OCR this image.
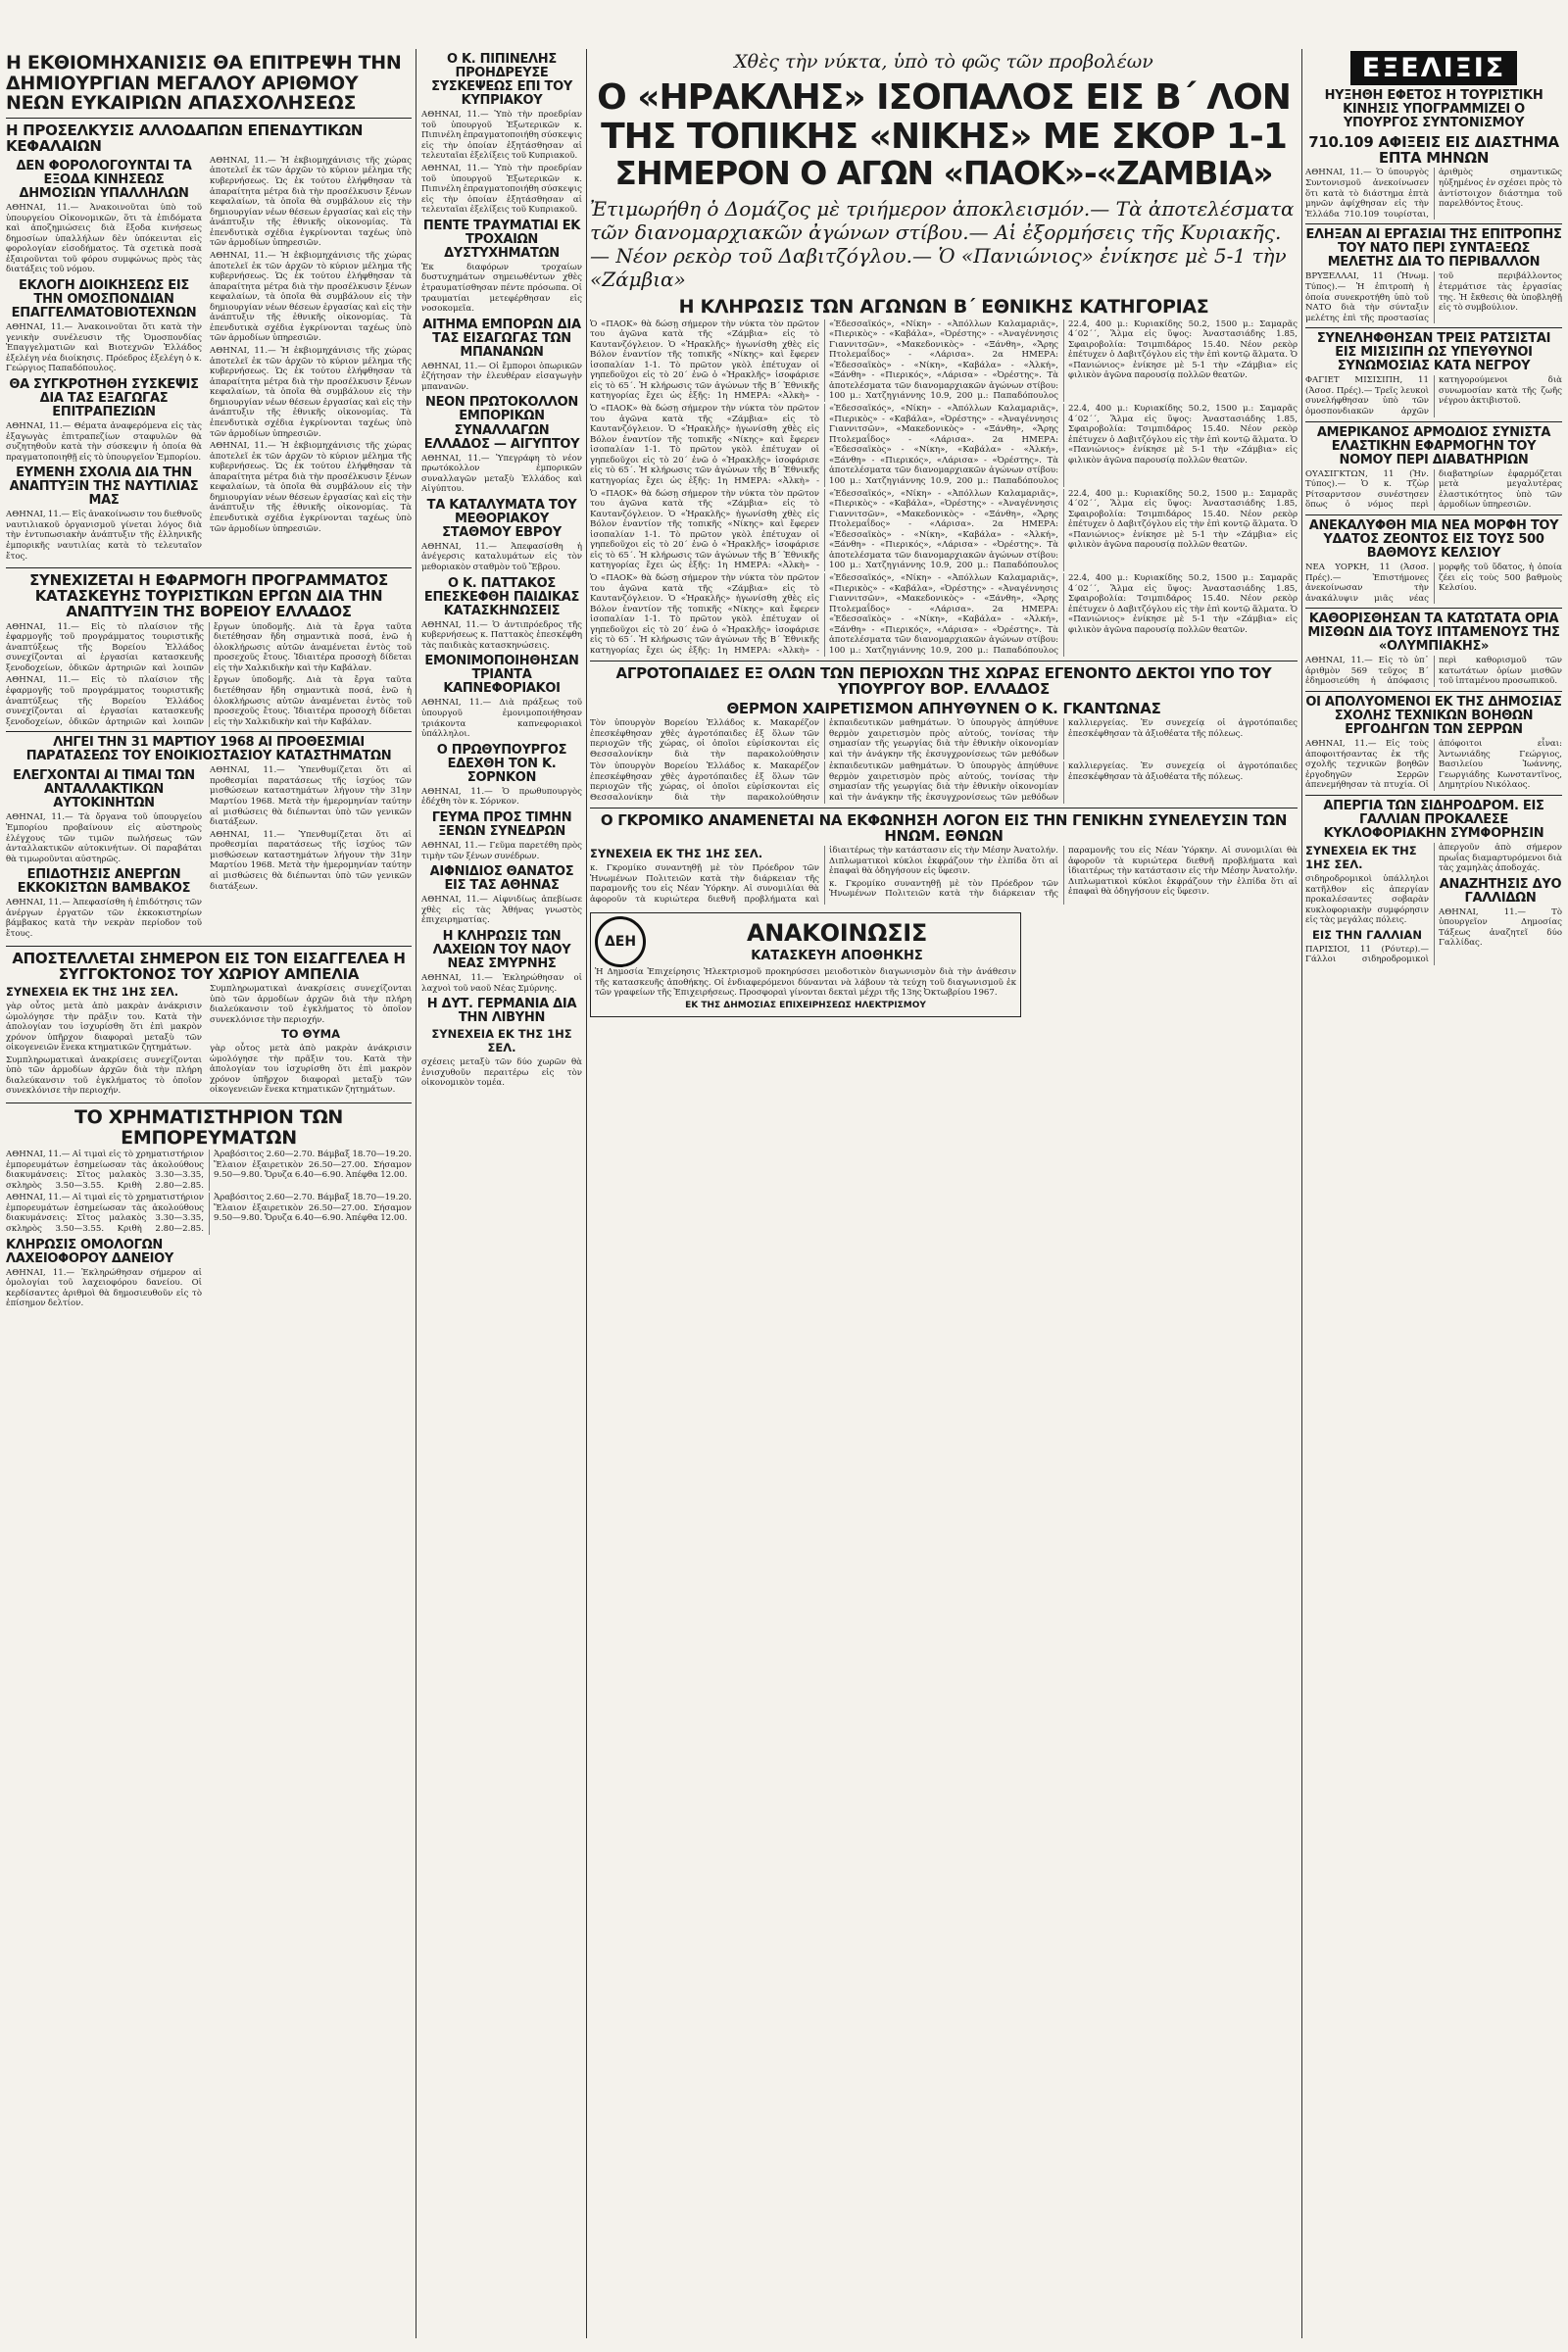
Η ΕΚΘΙΟΜΗΧΑΝΙΣΙΣ ΘΑ ΕΠΙΤΡΕΨΗ ΤΗΝ ΔΗΜΙΟΥΡΓΙΑΝ ΜΕΓΑΛΟΥ ΑΡΙΘΜΟΥ ΝΕΩΝ ΕΥΚΑΙΡΙΩΝ ΑΠΑΣΧΟΛΗΣΕΩΣ
Η ΠΡΟΣΕΛΚΥΣΙΣ ΑΛΛΟΔΑΠΩΝ ΕΠΕΝΔΥΤΙΚΩΝ ΚΕΦΑΛΑΙΩΝ
ΔΕΝ ΦΟΡΟΛΟΓΟΥΝΤΑΙ ΤΑ ΕΞΟΔΑ ΚΙΝΗΣΕΩΣ ΔΗΜΟΣΙΩΝ ΥΠΑΛΛΗΛΩΝ

ΑΘΗΝΑΙ, 11.— Ἀνακοινοῦται ὑπὸ τοῦ ὑπουργείου Οἰκονομικῶν, ὅτι τὰ ἐπιδόματα καὶ ἀποζημιώσεις διὰ ἔξοδα κινήσεως δημοσίων ὑπαλλήλων δὲν ὑπόκεινται εἰς φορολογίαν εἰσοδήματος. Τὰ σχετικὰ ποσὰ ἐξαιροῦνται τοῦ φόρου συμφώνως πρὸς τὰς διατάξεις τοῦ νόμου.

ΕΚΛΟΓΗ ΔΙΟΙΚΗΣΕΩΣ ΕΙΣ ΤΗΝ ΟΜΟΣΠΟΝΔΙΑΝ ΕΠΑΓΓΕΛΜΑΤΟΒΙΟΤΕΧΝΩΝ

ΑΘΗΝΑΙ, 11.— Ἀνακοινοῦται ὅτι κατὰ τὴν γενικὴν συνέλευσιν τῆς Ὁμοσπονδίας Ἐπαγγελματιῶν καὶ Βιοτεχνῶν Ἑλλάδος ἐξελέγη νέα διοίκησις. Πρόεδρος ἐξελέγη ὁ κ. Γεώργιος Παπαδόπουλος.

ΘΑ ΣΥΓΚΡΟΤΗΘΗ ΣΥΣΚΕΨΙΣ ΔΙΑ ΤΑΣ ΕΞΑΓΩΓΑΣ ΕΠΙΤΡΑΠΕΖΙΩΝ

ΑΘΗΝΑΙ, 11.— Θέματα ἀναφερόμενα εἰς τὰς ἐξαγωγὰς ἐπιτραπεζίων σταφυλῶν θὰ συζητηθοῦν κατὰ τὴν σύσκεψιν ἡ ὁποία θὰ πραγματοποιηθῇ εἰς τὸ ὑπουργεῖον Ἐμπορίου.

ΕΥΜΕΝΗ ΣΧΟΛΙΑ ΔΙΑ ΤΗΝ ΑΝΑΠΤΥΞΙΝ ΤΗΣ ΝΑΥΤΙΛΙΑΣ ΜΑΣ

ΑΘΗΝΑΙ, 11.— Εἰς ἀνακοίνωσιν του διεθνοῦς ναυτιλιακοῦ ὀργανισμοῦ γίνεται λόγος διὰ τὴν ἐντυπωσιακὴν ἀνάπτυξιν τῆς ἑλληνικῆς ἐμπορικῆς ναυτιλίας κατὰ τὸ τελευταῖον ἔτος.

ΑΘΗΝΑΙ, 11.— Ἡ ἐκβιομηχάνισις τῆς χώρας ἀποτελεῖ ἐκ τῶν ἀρχῶν τὸ κύριον μέλημα τῆς κυβερνήσεως. Ὡς ἐκ τούτου ἐλήφθησαν τὰ ἀπαραίτητα μέτρα διὰ τὴν προσέλκυσιν ξένων κεφαλαίων, τὰ ὁποῖα θὰ συμβάλουν εἰς τὴν δημιουργίαν νέων θέσεων ἐργασίας καὶ εἰς τὴν ἀνάπτυξιν τῆς ἐθνικῆς οἰκονομίας. Τὰ ἐπενδυτικὰ σχέδια ἐγκρίνονται ταχέως ὑπὸ τῶν ἁρμοδίων ὑπηρεσιῶν.

ΑΘΗΝΑΙ, 11.— Ἡ ἐκβιομηχάνισις τῆς χώρας ἀποτελεῖ ἐκ τῶν ἀρχῶν τὸ κύριον μέλημα τῆς κυβερνήσεως. Ὡς ἐκ τούτου ἐλήφθησαν τὰ ἀπαραίτητα μέτρα διὰ τὴν προσέλκυσιν ξένων κεφαλαίων, τὰ ὁποῖα θὰ συμβάλουν εἰς τὴν δημιουργίαν νέων θέσεων ἐργασίας καὶ εἰς τὴν ἀνάπτυξιν τῆς ἐθνικῆς οἰκονομίας. Τὰ ἐπενδυτικὰ σχέδια ἐγκρίνονται ταχέως ὑπὸ τῶν ἁρμοδίων ὑπηρεσιῶν.

ΑΘΗΝΑΙ, 11.— Ἡ ἐκβιομηχάνισις τῆς χώρας ἀποτελεῖ ἐκ τῶν ἀρχῶν τὸ κύριον μέλημα τῆς κυβερνήσεως. Ὡς ἐκ τούτου ἐλήφθησαν τὰ ἀπαραίτητα μέτρα διὰ τὴν προσέλκυσιν ξένων κεφαλαίων, τὰ ὁποῖα θὰ συμβάλουν εἰς τὴν δημιουργίαν νέων θέσεων ἐργασίας καὶ εἰς τὴν ἀνάπτυξιν τῆς ἐθνικῆς οἰκονομίας. Τὰ ἐπενδυτικὰ σχέδια ἐγκρίνονται ταχέως ὑπὸ τῶν ἁρμοδίων ὑπηρεσιῶν.

ΑΘΗΝΑΙ, 11.— Ἡ ἐκβιομηχάνισις τῆς χώρας ἀποτελεῖ ἐκ τῶν ἀρχῶν τὸ κύριον μέλημα τῆς κυβερνήσεως. Ὡς ἐκ τούτου ἐλήφθησαν τὰ ἀπαραίτητα μέτρα διὰ τὴν προσέλκυσιν ξένων κεφαλαίων, τὰ ὁποῖα θὰ συμβάλουν εἰς τὴν δημιουργίαν νέων θέσεων ἐργασίας καὶ εἰς τὴν ἀνάπτυξιν τῆς ἐθνικῆς οἰκονομίας. Τὰ ἐπενδυτικὰ σχέδια ἐγκρίνονται ταχέως ὑπὸ τῶν ἁρμοδίων ὑπηρεσιῶν.

ΣΥΝΕΧΙΖΕΤΑΙ Η ΕΦΑΡΜΟΓΗ ΠΡΟΓΡΑΜΜΑΤΟΣ ΚΑΤΑΣΚΕΥΗΣ ΤΟΥΡΙΣΤΙΚΩΝ ΕΡΓΩΝ ΔΙΑ ΤΗΝ ΑΝΑΠΤΥΞΙΝ ΤΗΣ ΒΟΡΕΙΟΥ ΕΛΛΑΔΟΣ

ΑΘΗΝΑΙ, 11.— Εἰς τὸ πλαίσιον τῆς ἐφαρμογῆς τοῦ προγράμματος τουριστικῆς ἀναπτύξεως τῆς Βορείου Ἑλλάδος συνεχίζονται αἱ ἐργασίαι κατασκευῆς ξενοδοχείων, ὁδικῶν ἀρτηριῶν καὶ λοιπῶν ἔργων ὑποδομῆς. Διὰ τὰ ἔργα ταῦτα διετέθησαν ἤδη σημαντικὰ ποσά, ἐνῶ ἡ ὁλοκλήρωσις αὐτῶν ἀναμένεται ἐντὸς τοῦ προσεχοῦς ἔτους. Ἰδιαιτέρα προσοχὴ δίδεται εἰς τὴν Χαλκιδικὴν καὶ τὴν Καβάλαν.

ΑΘΗΝΑΙ, 11.— Εἰς τὸ πλαίσιον τῆς ἐφαρμογῆς τοῦ προγράμματος τουριστικῆς ἀναπτύξεως τῆς Βορείου Ἑλλάδος συνεχίζονται αἱ ἐργασίαι κατασκευῆς ξενοδοχείων, ὁδικῶν ἀρτηριῶν καὶ λοιπῶν ἔργων ὑποδομῆς. Διὰ τὰ ἔργα ταῦτα διετέθησαν ἤδη σημαντικὰ ποσά, ἐνῶ ἡ ὁλοκλήρωσις αὐτῶν ἀναμένεται ἐντὸς τοῦ προσεχοῦς ἔτους. Ἰδιαιτέρα προσοχὴ δίδεται εἰς τὴν Χαλκιδικὴν καὶ τὴν Καβάλαν.

ΛΗΓΕΙ ΤΗΝ 31 ΜΑΡΤΙΟΥ 1968 ΑΙ ΠΡΟΘΕΣΜΙΑΙ ΠΑΡΑΤΑΣΕΩΣ ΤΟΥ ΕΝΟΙΚΙΟΣΤΑΣΙΟΥ ΚΑΤΑΣΤΗΜΑΤΩΝ
ΕΛΕΓΧΟΝΤΑΙ ΑΙ ΤΙΜΑΙ ΤΩΝ ΑΝΤΑΛΛΑΚΤΙΚΩΝ ΑΥΤΟΚΙΝΗΤΩΝ

ΑΘΗΝΑΙ, 11.— Τὰ ὄργανα τοῦ ὑπουργείου Ἐμπορίου προβαίνουν εἰς αὐστηροὺς ἐλέγχους τῶν τιμῶν πωλήσεως τῶν ἀνταλλακτικῶν αὐτοκινήτων. Οἱ παραβάται θὰ τιμωροῦνται αὐστηρῶς.

ΕΠΙΔΟΤΗΣΙΣ ΑΝΕΡΓΩΝ ΕΚΚΟΚΙΣΤΩΝ ΒΑΜΒΑΚΟΣ

ΑΘΗΝΑΙ, 11.— Ἀπεφασίσθη ἡ ἐπιδότησις τῶν ἀνέργων ἐργατῶν τῶν ἐκκοκιστηρίων βάμβακος κατὰ τὴν νεκρὰν περίοδον τοῦ ἔτους.

ΑΘΗΝΑΙ, 11.— Ὑπενθυμίζεται ὅτι αἱ προθεσμίαι παρατάσεως τῆς ἰσχύος τῶν μισθώσεων καταστημάτων λήγουν τὴν 31ην Μαρτίου 1968. Μετὰ τὴν ἡμερομηνίαν ταύτην αἱ μισθώσεις θὰ διέπωνται ὑπὸ τῶν γενικῶν διατάξεων.

ΑΘΗΝΑΙ, 11.— Ὑπενθυμίζεται ὅτι αἱ προθεσμίαι παρατάσεως τῆς ἰσχύος τῶν μισθώσεων καταστημάτων λήγουν τὴν 31ην Μαρτίου 1968. Μετὰ τὴν ἡμερομηνίαν ταύτην αἱ μισθώσεις θὰ διέπωνται ὑπὸ τῶν γενικῶν διατάξεων.

ΑΠΟΣΤΕΛΛΕΤΑΙ ΣΗΜΕΡΟΝ ΕΙΣ ΤΟΝ ΕΙΣΑΓΓΕΛΕΑ Η ΣΥΓΓΟΚΤΟΝΟΣ ΤΟΥ ΧΩΡΙΟΥ ΑΜΠΕΛΙΑ
ΣΥΝΕΧΕΙΑ ΕΚ ΤΗΣ 1ΗΣ ΣΕΛ.

γὰρ οὗτος μετὰ ἀπὸ μακρὰν ἀνάκρισιν ὡμολόγησε τὴν πρᾶξιν του. Κατὰ τὴν ἀπολογίαν του ἰσχυρίσθη ὅτι ἐπὶ μακρὸν χρόνον ὑπῆρχον διαφοραὶ μεταξὺ τῶν οἰκογενειῶν ἕνεκα κτηματικῶν ζητημάτων.

Συμπληρωματικαὶ ἀνακρίσεις συνεχίζονται ὑπὸ τῶν ἁρμοδίων ἀρχῶν διὰ τὴν πλήρη διαλεύκανσιν τοῦ ἐγκλήματος τὸ ὁποῖον συνεκλόνισε τὴν περιοχήν.

Συμπληρωματικαὶ ἀνακρίσεις συνεχίζονται ὑπὸ τῶν ἁρμοδίων ἀρχῶν διὰ τὴν πλήρη διαλεύκανσιν τοῦ ἐγκλήματος τὸ ὁποῖον συνεκλόνισε τὴν περιοχήν.

ΤΟ ΘΥΜΑ

γὰρ οὗτος μετὰ ἀπὸ μακρὰν ἀνάκρισιν ὡμολόγησε τὴν πρᾶξιν του. Κατὰ τὴν ἀπολογίαν του ἰσχυρίσθη ὅτι ἐπὶ μακρὸν χρόνον ὑπῆρχον διαφοραὶ μεταξὺ τῶν οἰκογενειῶν ἕνεκα κτηματικῶν ζητημάτων.

ΤΟ ΧΡΗΜΑΤΙΣΤΗΡΙΟΝ ΤΩΝ ΕΜΠΟΡΕΥΜΑΤΩΝ

ΑΘΗΝΑΙ, 11.— Αἱ τιμαὶ εἰς τὸ χρηματιστήριον ἐμπορευμάτων ἐσημείωσαν τὰς ἀκολούθους διακυμάνσεις: Σῖτος μαλακὸς 3.30—3.35, σκληρὸς 3.50—3.55. Κριθὴ 2.80—2.85. Ἀραβόσιτος 2.60—2.70. Βάμβαξ 18.70—19.20. Ἔλαιον ἐξαιρετικὸν 26.50—27.00. Σήσαμον 9.50—9.80. Ὄρυζα 6.40—6.90. Ἀπέφθα 12.00.

ΑΘΗΝΑΙ, 11.— Αἱ τιμαὶ εἰς τὸ χρηματιστήριον ἐμπορευμάτων ἐσημείωσαν τὰς ἀκολούθους διακυμάνσεις: Σῖτος μαλακὸς 3.30—3.35, σκληρὸς 3.50—3.55. Κριθὴ 2.80—2.85. Ἀραβόσιτος 2.60—2.70. Βάμβαξ 18.70—19.20. Ἔλαιον ἐξαιρετικὸν 26.50—27.00. Σήσαμον 9.50—9.80. Ὄρυζα 6.40—6.90. Ἀπέφθα 12.00.

ΚΛΗΡΩΣΙΣ ΟΜΟΛΟΓΩΝ ΛΑΧΕΙΟΦΟΡΟΥ ΔΑΝΕΙΟΥ

ΑΘΗΝΑΙ, 11.— Ἐκληρώθησαν σήμερον αἱ ὁμολογίαι τοῦ λαχειοφόρου δανείου. Οἱ κερδίσαντες ἀριθμοὶ θὰ δημοσιευθοῦν εἰς τὸ ἐπίσημον δελτίον.

Ο Κ. ΠΙΠΙΝΕΛΗΣ ΠΡΟΗΔΡΕΥΣΕ ΣΥΣΚΕΨΕΩΣ ΕΠΙ ΤΟΥ ΚΥΠΡΙΑΚΟΥ

ΑΘΗΝΑΙ, 11.— Ὑπὸ τὴν προεδρίαν τοῦ ὑπουργοῦ Ἐξωτερικῶν κ. Πιπινέλη ἐπραγματοποιήθη σύσκεψις εἰς τὴν ὁποίαν ἐξητάσθησαν αἱ τελευταῖαι ἐξελίξεις τοῦ Κυπριακοῦ.

ΑΘΗΝΑΙ, 11.— Ὑπὸ τὴν προεδρίαν τοῦ ὑπουργοῦ Ἐξωτερικῶν κ. Πιπινέλη ἐπραγματοποιήθη σύσκεψις εἰς τὴν ὁποίαν ἐξητάσθησαν αἱ τελευταῖαι ἐξελίξεις τοῦ Κυπριακοῦ.

ΠΕΝΤΕ ΤΡΑΥΜΑΤΙΑΙ ΕΚ ΤΡΟΧΑΙΩΝ ΔΥΣΤΥΧΗΜΑΤΩΝ

Ἐκ διαφόρων τροχαίων δυστυχημάτων σημειωθέντων χθὲς ἐτραυματίσθησαν πέντε πρόσωπα. Οἱ τραυματίαι μετεφέρθησαν εἰς νοσοκομεῖα.

ΑΙΤΗΜΑ ΕΜΠΟΡΩΝ ΔΙΑ ΤΑΣ ΕΙΣΑΓΩΓΑΣ ΤΩΝ ΜΠΑΝΑΝΩΝ

ΑΘΗΝΑΙ, 11.— Οἱ ἔμποροι ὀπωρικῶν ἐζήτησαν τὴν ἐλευθέραν εἰσαγωγὴν μπανανῶν.

ΝΕΟΝ ΠΡΩΤΟΚΟΛΛΟΝ ΕΜΠΟΡΙΚΩΝ ΣΥΝΑΛΛΑΓΩΝ ΕΛΛΑΔΟΣ — ΑΙΓΥΠΤΟΥ

ΑΘΗΝΑΙ, 11.— Ὑπεγράφη τὸ νέον πρωτόκολλον ἐμπορικῶν συναλλαγῶν μεταξὺ Ἑλλάδος καὶ Αἰγύπτου.

ΤΑ ΚΑΤΑΛΥΜΑΤΑ ΤΟΥ ΜΕΘΟΡΙΑΚΟΥ ΣΤΑΘΜΟΥ ΕΒΡΟΥ

ΑΘΗΝΑΙ, 11.— Ἀπεφασίσθη ἡ ἀνέγερσις καταλυμάτων εἰς τὸν μεθοριακὸν σταθμὸν τοῦ Ἕβρου.

Ο Κ. ΠΑΤΤΑΚΟΣ ΕΠΕΣΚΕΦΘΗ ΠΑΙΔΙΚΑΣ ΚΑΤΑΣΚΗΝΩΣΕΙΣ

ΑΘΗΝΑΙ, 11.— Ὁ ἀντιπρόεδρος τῆς κυβερνήσεως κ. Παττακὸς ἐπεσκέφθη τὰς παιδικὰς κατασκηνώσεις.

ΕΜΟΝΙΜΟΠΟΙΗΘΗΣΑΝ ΤΡΙΑΝΤΑ ΚΑΠΝΕΦΟΡΙΑΚΟΙ

ΑΘΗΝΑΙ, 11.— Διὰ πράξεως τοῦ ὑπουργοῦ ἐμονιμοποιήθησαν τριάκοντα καπνεφοριακοὶ ὑπάλληλοι.

Ο ΠΡΩΘΥΠΟΥΡΓΟΣ ΕΔΕΧΘΗ ΤΟΝ Κ. ΣΟΡΝΚΟΝ

ΑΘΗΝΑΙ, 11.— Ὁ πρωθυπουργὸς ἐδέχθη τὸν κ. Σόρνκον.

ΓΕΥΜΑ ΠΡΟΣ ΤΙΜΗΝ ΞΕΝΩΝ ΣΥΝΕΔΡΩΝ

ΑΘΗΝΑΙ, 11.— Γεῦμα παρετέθη πρὸς τιμὴν τῶν ξένων συνέδρων.

ΑΙΦΝΙΔΙΟΣ ΘΑΝΑΤΟΣ ΕΙΣ ΤΑΣ ΑΘΗΝΑΣ

ΑΘΗΝΑΙ, 11.— Αἰφνιδίως ἀπεβίωσε χθὲς εἰς τὰς Ἀθήνας γνωστὸς ἐπιχειρηματίας.

Η ΚΛΗΡΩΣΙΣ ΤΩΝ ΛΑΧΕΙΩΝ ΤΟΥ ΝΑΟΥ ΝΕΑΣ ΣΜΥΡΝΗΣ

ΑΘΗΝΑΙ, 11.— Ἐκληρώθησαν οἱ λαχνοὶ τοῦ ναοῦ Νέας Σμύρνης.

Η ΔΥΤ. ΓΕΡΜΑΝΙΑ ΔΙΑ ΤΗΝ ΛΙΒΥΗΝ
ΣΥΝΕΧΕΙΑ ΕΚ ΤΗΣ 1ΗΣ ΣΕΛ.

σχέσεις μεταξὺ τῶν δύο χωρῶν θὰ ἐνισχυθοῦν περαιτέρω εἰς τὸν οἰκονομικὸν τομέα.

Χθὲς τὴν νύκτα, ὑπὸ τὸ φῶς τῶν προβολέων
Ο «ΗΡΑΚΛΗΣ» ΙΣΟΠΑΛΟΣ ΕΙΣ Β΄ ΛΟΝ
ΤΗΣ ΤΟΠΙΚΗΣ «ΝΙΚΗΣ» ΜΕ ΣΚΟΡ 1-1
ΣΗΜΕΡΟΝ Ο ΑΓΩΝ «ΠΑΟΚ»-«ΖΑΜΒΙΑ»
Ἐτιμωρήθη ὁ Δομάζος μὲ τριήμερον ἀποκλεισμόν.— Τὰ ἀποτελέσματα τῶν διανομαρχιακῶν ἀγώνων στίβου.— Αἱ ἐξορμήσεις τῆς Κυριακῆς.— Νέον ρεκὸρ τοῦ Δαβιτζόγλου.— Ὁ «Πανιώνιος» ἐνίκησε μὲ 5-1 τὴν «Ζάμβια»
Η ΚΛΗΡΩΣΙΣ ΤΩΝ ΑΓΩΝΩΝ Β΄ ΕΘΝΙΚΗΣ ΚΑΤΗΓΟΡΙΑΣ

Ὁ «ΠΑΟΚ» θὰ δώσῃ σήμερον τὴν νύκτα τὸν πρῶτον του ἀγῶνα κατὰ τῆς «Ζάμβια» εἰς τὸ Καυτανζόγλειον. Ὁ «Ἡρακλῆς» ἠγωνίσθη χθὲς εἰς Βόλον ἐναντίον τῆς τοπικῆς «Νίκης» καὶ ἔφερεν ἰσοπαλίαν 1-1. Τὸ πρῶτον γκὸλ ἐπέτυχαν οἱ γηπεδοῦχοι εἰς τὸ 20΄ ἐνῶ ὁ «Ἡρακλῆς» ἰσοφάρισε εἰς τὸ 65΄. Ἡ κλήρωσις τῶν ἀγώνων τῆς Β΄ Ἐθνικῆς κατηγορίας ἔχει ὡς ἑξῆς: 1η ΗΜΕΡΑ: «Ἀλκὴ» - «Ἐδεσσαϊκός», «Νίκη» - «Ἀπόλλων Καλαμαριᾶς», «Πιερικὸς» - «Καβάλα», «Ὀρέστης» - «Ἀναγέννησις Γιαννιτσῶν», «Μακεδονικὸς» - «Ξάνθη», «Ἄρης Πτολεμαΐδος» - «Λάρισα». 2α ΗΜΕΡΑ: «Ἐδεσσαϊκὸς» - «Νίκη», «Καβάλα» - «Ἀλκή», «Ξάνθη» - «Πιερικός», «Λάρισα» - «Ὀρέστης». Τὰ ἀποτελέσματα τῶν διανομαρχιακῶν ἀγώνων στίβου: 100 μ.: Χατζηγιάννης 10.9, 200 μ.: Παπαδόπουλος 22.4, 400 μ.: Κυριακίδης 50.2, 1500 μ.: Σαμαρᾶς 4΄02΄΄, Ἅλμα εἰς ὕψος: Ἀναστασιάδης 1.85, Σφαιροβολία: Τσιμπιδάρος 15.40. Νέον ρεκὸρ ἐπέτυχεν ὁ Δαβιτζόγλου εἰς τὴν ἐπὶ κοντῷ ἅλματα. Ὁ «Πανιώνιος» ἐνίκησε μὲ 5-1 τὴν «Ζάμβια» εἰς φιλικὸν ἀγῶνα παρουσίᾳ πολλῶν θεατῶν.

Ὁ «ΠΑΟΚ» θὰ δώσῃ σήμερον τὴν νύκτα τὸν πρῶτον του ἀγῶνα κατὰ τῆς «Ζάμβια» εἰς τὸ Καυτανζόγλειον. Ὁ «Ἡρακλῆς» ἠγωνίσθη χθὲς εἰς Βόλον ἐναντίον τῆς τοπικῆς «Νίκης» καὶ ἔφερεν ἰσοπαλίαν 1-1. Τὸ πρῶτον γκὸλ ἐπέτυχαν οἱ γηπεδοῦχοι εἰς τὸ 20΄ ἐνῶ ὁ «Ἡρακλῆς» ἰσοφάρισε εἰς τὸ 65΄. Ἡ κλήρωσις τῶν ἀγώνων τῆς Β΄ Ἐθνικῆς κατηγορίας ἔχει ὡς ἑξῆς: 1η ΗΜΕΡΑ: «Ἀλκὴ» - «Ἐδεσσαϊκός», «Νίκη» - «Ἀπόλλων Καλαμαριᾶς», «Πιερικὸς» - «Καβάλα», «Ὀρέστης» - «Ἀναγέννησις Γιαννιτσῶν», «Μακεδονικὸς» - «Ξάνθη», «Ἄρης Πτολεμαΐδος» - «Λάρισα». 2α ΗΜΕΡΑ: «Ἐδεσσαϊκὸς» - «Νίκη», «Καβάλα» - «Ἀλκή», «Ξάνθη» - «Πιερικός», «Λάρισα» - «Ὀρέστης». Τὰ ἀποτελέσματα τῶν διανομαρχιακῶν ἀγώνων στίβου: 100 μ.: Χατζηγιάννης 10.9, 200 μ.: Παπαδόπουλος 22.4, 400 μ.: Κυριακίδης 50.2, 1500 μ.: Σαμαρᾶς 4΄02΄΄, Ἅλμα εἰς ὕψος: Ἀναστασιάδης 1.85, Σφαιροβολία: Τσιμπιδάρος 15.40. Νέον ρεκὸρ ἐπέτυχεν ὁ Δαβιτζόγλου εἰς τὴν ἐπὶ κοντῷ ἅλματα. Ὁ «Πανιώνιος» ἐνίκησε μὲ 5-1 τὴν «Ζάμβια» εἰς φιλικὸν ἀγῶνα παρουσίᾳ πολλῶν θεατῶν.

Ὁ «ΠΑΟΚ» θὰ δώσῃ σήμερον τὴν νύκτα τὸν πρῶτον του ἀγῶνα κατὰ τῆς «Ζάμβια» εἰς τὸ Καυτανζόγλειον. Ὁ «Ἡρακλῆς» ἠγωνίσθη χθὲς εἰς Βόλον ἐναντίον τῆς τοπικῆς «Νίκης» καὶ ἔφερεν ἰσοπαλίαν 1-1. Τὸ πρῶτον γκὸλ ἐπέτυχαν οἱ γηπεδοῦχοι εἰς τὸ 20΄ ἐνῶ ὁ «Ἡρακλῆς» ἰσοφάρισε εἰς τὸ 65΄. Ἡ κλήρωσις τῶν ἀγώνων τῆς Β΄ Ἐθνικῆς κατηγορίας ἔχει ὡς ἑξῆς: 1η ΗΜΕΡΑ: «Ἀλκὴ» - «Ἐδεσσαϊκός», «Νίκη» - «Ἀπόλλων Καλαμαριᾶς», «Πιερικὸς» - «Καβάλα», «Ὀρέστης» - «Ἀναγέννησις Γιαννιτσῶν», «Μακεδονικὸς» - «Ξάνθη», «Ἄρης Πτολεμαΐδος» - «Λάρισα». 2α ΗΜΕΡΑ: «Ἐδεσσαϊκὸς» - «Νίκη», «Καβάλα» - «Ἀλκή», «Ξάνθη» - «Πιερικός», «Λάρισα» - «Ὀρέστης». Τὰ ἀποτελέσματα τῶν διανομαρχιακῶν ἀγώνων στίβου: 100 μ.: Χατζηγιάννης 10.9, 200 μ.: Παπαδόπουλος 22.4, 400 μ.: Κυριακίδης 50.2, 1500 μ.: Σαμαρᾶς 4΄02΄΄, Ἅλμα εἰς ὕψος: Ἀναστασιάδης 1.85, Σφαιροβολία: Τσιμπιδάρος 15.40. Νέον ρεκὸρ ἐπέτυχεν ὁ Δαβιτζόγλου εἰς τὴν ἐπὶ κοντῷ ἅλματα. Ὁ «Πανιώνιος» ἐνίκησε μὲ 5-1 τὴν «Ζάμβια» εἰς φιλικὸν ἀγῶνα παρουσίᾳ πολλῶν θεατῶν.

Ὁ «ΠΑΟΚ» θὰ δώσῃ σήμερον τὴν νύκτα τὸν πρῶτον του ἀγῶνα κατὰ τῆς «Ζάμβια» εἰς τὸ Καυτανζόγλειον. Ὁ «Ἡρακλῆς» ἠγωνίσθη χθὲς εἰς Βόλον ἐναντίον τῆς τοπικῆς «Νίκης» καὶ ἔφερεν ἰσοπαλίαν 1-1. Τὸ πρῶτον γκὸλ ἐπέτυχαν οἱ γηπεδοῦχοι εἰς τὸ 20΄ ἐνῶ ὁ «Ἡρακλῆς» ἰσοφάρισε εἰς τὸ 65΄. Ἡ κλήρωσις τῶν ἀγώνων τῆς Β΄ Ἐθνικῆς κατηγορίας ἔχει ὡς ἑξῆς: 1η ΗΜΕΡΑ: «Ἀλκὴ» - «Ἐδεσσαϊκός», «Νίκη» - «Ἀπόλλων Καλαμαριᾶς», «Πιερικὸς» - «Καβάλα», «Ὀρέστης» - «Ἀναγέννησις Γιαννιτσῶν», «Μακεδονικὸς» - «Ξάνθη», «Ἄρης Πτολεμαΐδος» - «Λάρισα». 2α ΗΜΕΡΑ: «Ἐδεσσαϊκὸς» - «Νίκη», «Καβάλα» - «Ἀλκή», «Ξάνθη» - «Πιερικός», «Λάρισα» - «Ὀρέστης». Τὰ ἀποτελέσματα τῶν διανομαρχιακῶν ἀγώνων στίβου: 100 μ.: Χατζηγιάννης 10.9, 200 μ.: Παπαδόπουλος 22.4, 400 μ.: Κυριακίδης 50.2, 1500 μ.: Σαμαρᾶς 4΄02΄΄, Ἅλμα εἰς ὕψος: Ἀναστασιάδης 1.85, Σφαιροβολία: Τσιμπιδάρος 15.40. Νέον ρεκὸρ ἐπέτυχεν ὁ Δαβιτζόγλου εἰς τὴν ἐπὶ κοντῷ ἅλματα. Ὁ «Πανιώνιος» ἐνίκησε μὲ 5-1 τὴν «Ζάμβια» εἰς φιλικὸν ἀγῶνα παρουσίᾳ πολλῶν θεατῶν.

ΑΓΡΟΤΟΠΑΙΔΕΣ ΕΞ ΟΛΩΝ ΤΩΝ ΠΕΡΙΟΧΩΝ ΤΗΣ ΧΩΡΑΣ ΕΓΕΝΟΝΤΟ ΔΕΚΤΟΙ ΥΠΟ ΤΟΥ ΥΠΟΥΡΓΟΥ ΒΟΡ. ΕΛΛΑΔΟΣ
ΘΕΡΜΟΝ ΧΑΙΡΕΤΙΣΜΟΝ ΑΠΗΥΘΥΝΕΝ Ο Κ. ΓΚΑΝΤΩΝΑΣ

Τὸν ὑπουργὸν Βορείου Ἑλλάδος κ. Μακαρέζον ἐπεσκέφθησαν χθὲς ἀγροτόπαιδες ἐξ ὅλων τῶν περιοχῶν τῆς χώρας, οἱ ὁποῖοι εὑρίσκονται εἰς Θεσσαλονίκην διὰ τὴν παρακολούθησιν ἐκπαιδευτικῶν μαθημάτων. Ὁ ὑπουργὸς ἀπηύθυνε θερμὸν χαιρετισμὸν πρὸς αὐτούς, τονίσας τὴν σημασίαν τῆς γεωργίας διὰ τὴν ἐθνικὴν οἰκονομίαν καὶ τὴν ἀνάγκην τῆς ἐκσυγχρονίσεως τῶν μεθόδων καλλιεργείας. Ἐν συνεχείᾳ οἱ ἀγροτόπαιδες ἐπεσκέφθησαν τὰ ἀξιοθέατα τῆς πόλεως.

Τὸν ὑπουργὸν Βορείου Ἑλλάδος κ. Μακαρέζον ἐπεσκέφθησαν χθὲς ἀγροτόπαιδες ἐξ ὅλων τῶν περιοχῶν τῆς χώρας, οἱ ὁποῖοι εὑρίσκονται εἰς Θεσσαλονίκην διὰ τὴν παρακολούθησιν ἐκπαιδευτικῶν μαθημάτων. Ὁ ὑπουργὸς ἀπηύθυνε θερμὸν χαιρετισμὸν πρὸς αὐτούς, τονίσας τὴν σημασίαν τῆς γεωργίας διὰ τὴν ἐθνικὴν οἰκονομίαν καὶ τὴν ἀνάγκην τῆς ἐκσυγχρονίσεως τῶν μεθόδων καλλιεργείας. Ἐν συνεχείᾳ οἱ ἀγροτόπαιδες ἐπεσκέφθησαν τὰ ἀξιοθέατα τῆς πόλεως.

Ο ΓΚΡΟΜΙΚΟ ΑΝΑΜΕΝΕΤΑΙ ΝΑ ΕΚΦΩΝΗΣΗ ΛΟΓΟΝ ΕΙΣ ΤΗΝ ΓΕΝΙΚΗΝ ΣΥΝΕΛΕΥΣΙΝ ΤΩΝ ΗΝΩΜ. ΕΘΝΩΝ
ΣΥΝΕΧΕΙΑ ΕΚ ΤΗΣ 1ΗΣ ΣΕΛ.

κ. Γκρομίκο συναντηθῇ μὲ τὸν Πρόεδρον τῶν Ἡνωμένων Πολιτειῶν κατὰ τὴν διάρκειαν τῆς παραμονῆς του εἰς Νέαν Ὑόρκην. Αἱ συνομιλίαι θὰ ἀφοροῦν τὰ κυριώτερα διεθνῆ προβλήματα καὶ ἰδιαιτέρως τὴν κατάστασιν εἰς τὴν Μέσην Ἀνατολήν. Διπλωματικοὶ κύκλοι ἐκφράζουν τὴν ἐλπίδα ὅτι αἱ ἐπαφαὶ θὰ ὁδηγήσουν εἰς ὕφεσιν.

κ. Γκρομίκο συναντηθῇ μὲ τὸν Πρόεδρον τῶν Ἡνωμένων Πολιτειῶν κατὰ τὴν διάρκειαν τῆς παραμονῆς του εἰς Νέαν Ὑόρκην. Αἱ συνομιλίαι θὰ ἀφοροῦν τὰ κυριώτερα διεθνῆ προβλήματα καὶ ἰδιαιτέρως τὴν κατάστασιν εἰς τὴν Μέσην Ἀνατολήν. Διπλωματικοὶ κύκλοι ἐκφράζουν τὴν ἐλπίδα ὅτι αἱ ἐπαφαὶ θὰ ὁδηγήσουν εἰς ὕφεσιν.

ΔΕΗ	ΑΝΑΚΟΙΝΩΣΙΣ
ΚΑΤΑΣΚΕΥΗ ΑΠΟΘΗΚΗΣ

Ἡ Δημοσία Ἐπιχείρησις Ἠλεκτρισμοῦ προκηρύσσει μειοδοτικὸν διαγωνισμὸν διὰ τὴν ἀνάθεσιν τῆς κατασκευῆς ἀποθήκης. Οἱ ἐνδιαφερόμενοι δύνανται νὰ λάβουν τὰ τεύχη τοῦ διαγωνισμοῦ ἐκ τῶν γραφείων τῆς Ἐπιχειρήσεως. Προσφοραὶ γίνονται δεκταὶ μέχρι τῆς 13ης Ὀκτωβρίου 1967.

ΕΚ ΤΗΣ ΔΗΜΟΣΙΑΣ ΕΠΙΧΕΙΡΗΣΕΩΣ ΗΛΕΚΤΡΙΣΜΟΥ
ΕΞΕΛΙΞΙΣ
ΗΥΞΗΘΗ ΕΦΕΤΟΣ Η ΤΟΥΡΙΣΤΙΚΗ ΚΙΝΗΣΙΣ ΥΠΟΓΡΑΜΜΙΖΕΙ Ο ΥΠΟΥΡΓΟΣ ΣΥΝΤΟΝΙΣΜΟΥ
710.109 ΑΦΙΞΕΙΣ ΕΙΣ ΔΙΑΣΤΗΜΑ ΕΠΤΑ ΜΗΝΩΝ

ΑΘΗΝΑΙ, 11.— Ὁ ὑπουργὸς Συντονισμοῦ ἀνεκοίνωσεν ὅτι κατὰ τὸ διάστημα ἑπτὰ μηνῶν ἀφίχθησαν εἰς τὴν Ἑλλάδα 710.109 τουρίσται, ἀριθμὸς σημαντικῶς ηὐξημένος ἐν σχέσει πρὸς τὸ ἀντίστοιχον διάστημα τοῦ παρελθόντος ἔτους.

ΕΛΗΞΑΝ ΑΙ ΕΡΓΑΣΙΑΙ ΤΗΣ ΕΠΙΤΡΟΠΗΣ ΤΟΥ ΝΑΤΟ ΠΕΡΙ ΣΥΝΤΑΞΕΩΣ ΜΕΛΕΤΗΣ ΔΙΑ ΤΟ ΠΕΡΙΒΑΛΛΟΝ

ΒΡΥΞΕΛΛΑΙ, 11 (Ἡνωμ. Τύπος).— Ἡ ἐπιτροπὴ ἡ ὁποία συνεκροτήθη ὑπὸ τοῦ ΝΑΤΟ διὰ τὴν σύνταξιν μελέτης ἐπὶ τῆς προστασίας τοῦ περιβάλλοντος ἐτερμάτισε τὰς ἐργασίας της. Ἡ ἔκθεσις θὰ ὑποβληθῇ εἰς τὸ συμβούλιον.

ΣΥΝΕΛΗΦΘΗΣΑΝ ΤΡΕΙΣ ΡΑΤΣΙΣΤΑΙ ΕΙΣ ΜΙΣΙΣΙΠΗ ΩΣ ΥΠΕΥΘΥΝΟΙ ΣΥΝΩΜΟΣΙΑΣ ΚΑΤΑ ΝΕΓΡΟΥ

ΦΑΓΙΕΤ ΜΙΣΙΣΙΠΗ, 11 (Ἀσοσ. Πρές).— Τρεῖς λευκοὶ συνελήφθησαν ὑπὸ τῶν ὁμοσπονδιακῶν ἀρχῶν κατηγορούμενοι διὰ συνωμοσίαν κατὰ τῆς ζωῆς νέγρου ἀκτιβιστοῦ.

ΑΜΕΡΙΚΑΝΟΣ ΑΡΜΟΔΙΟΣ ΣΥΝΙΣΤΑ ΕΛΑΣΤΙΚΗΝ ΕΦΑΡΜΟΓΗΝ ΤΟΥ ΝΟΜΟΥ ΠΕΡΙ ΔΙΑΒΑΤΗΡΙΩΝ

ΟΥΑΣΙΓΚΤΩΝ, 11 (Ἡν. Τύπος).— Ὁ κ. Τζὼρ Ρίτσαρντσον συνέστησεν ὅπως ὁ νόμος περὶ διαβατηρίων ἐφαρμόζεται μετὰ μεγαλυτέρας ἐλαστικότητος ὑπὸ τῶν ἁρμοδίων ὑπηρεσιῶν.

ΑΝΕΚΑΛΥΦΘΗ ΜΙΑ ΝΕΑ ΜΟΡΦΗ ΤΟΥ ΥΔΑΤΟΣ ΖΕΟΝΤΟΣ ΕΙΣ ΤΟΥΣ 500 ΒΑΘΜΟΥΣ ΚΕΛΣΙΟΥ

ΝΕΑ ΥΟΡΚΗ, 11 (Ἀσοσ. Πρές).— Ἐπιστήμονες ἀνεκοίνωσαν τὴν ἀνακάλυψιν μιᾶς νέας μορφῆς τοῦ ὕδατος, ἡ ὁποία ζέει εἰς τοὺς 500 βαθμοὺς Κελσίου.

ΚΑΘΟΡΙΣΘΗΣΑΝ ΤΑ ΚΑΤΩΤΑΤΑ ΟΡΙΑ ΜΙΣΘΩΝ ΔΙΑ ΤΟΥΣ ΙΠΤΑΜΕΝΟΥΣ ΤΗΣ «ΟΛΥΜΠΙΑΚΗΣ»

ΑΘΗΝΑΙ, 11.— Εἰς τὸ ὑπ᾿ ἀριθμὸν 569 τεῦχος Β΄ ἐδημοσιεύθη ἡ ἀπόφασις περὶ καθορισμοῦ τῶν κατωτάτων ὁρίων μισθῶν τοῦ ἱπταμένου προσωπικοῦ.

ΟΙ ΑΠΟΛΥΟΜΕΝΟΙ ΕΚ ΤΗΣ ΔΗΜΟΣΙΑΣ ΣΧΟΛΗΣ ΤΕΧΝΙΚΩΝ ΒΟΗΘΩΝ ΕΡΓΟΔΗΓΩΝ ΤΩΝ ΣΕΡΡΩΝ

ΑΘΗΝΑΙ, 11.— Εἰς τοὺς ἀποφοιτήσαντας ἐκ τῆς σχολῆς τεχνικῶν βοηθῶν ἐργοδηγῶν Σερρῶν ἀπενεμήθησαν τὰ πτυχία. Οἱ ἀπόφοιτοι εἶναι: Ἀντωνιάδης Γεώργιος, Βασιλείου Ἰωάννης, Γεωργιάδης Κωνσταντῖνος, Δημητρίου Νικόλαος.

ΑΠΕΡΓΙΑ ΤΩΝ ΣΙΔΗΡΟΔΡΟΜ. ΕΙΣ ΓΑΛΛΙΑΝ ΠΡΟΚΑΛΕΣΕ ΚΥΚΛΟΦΟΡΙΑΚΗΝ ΣΥΜΦΟΡΗΣΙΝ
ΣΥΝΕΧΕΙΑ ΕΚ ΤΗΣ 1ΗΣ ΣΕΛ.

σιδηροδρομικοὶ ὑπάλληλοι κατῆλθον εἰς ἀπεργίαν προκαλέσαντες σοβαρὰν κυκλοφοριακὴν συμφόρησιν εἰς τὰς μεγάλας πόλεις.

ΕΙΣ ΤΗΝ ΓΑΛΛΙΑΝ

ΠΑΡΙΣΙΟΙ, 11 (Ρόυτερ).— Γάλλοι σιδηροδρομικοὶ ἀπεργοῦν ἀπὸ σήμερον πρωΐας διαμαρτυρόμενοι διὰ τὰς χαμηλὰς ἀποδοχάς.

ΑΝΑΖΗΤΗΣΙΣ ΔΥΟ ΓΑΛΛΙΔΩΝ

ΑΘΗΝΑΙ, 11.— Τὸ ὑπουργεῖον Δημοσίας Τάξεως ἀναζητεῖ δύο Γαλλίδας.
